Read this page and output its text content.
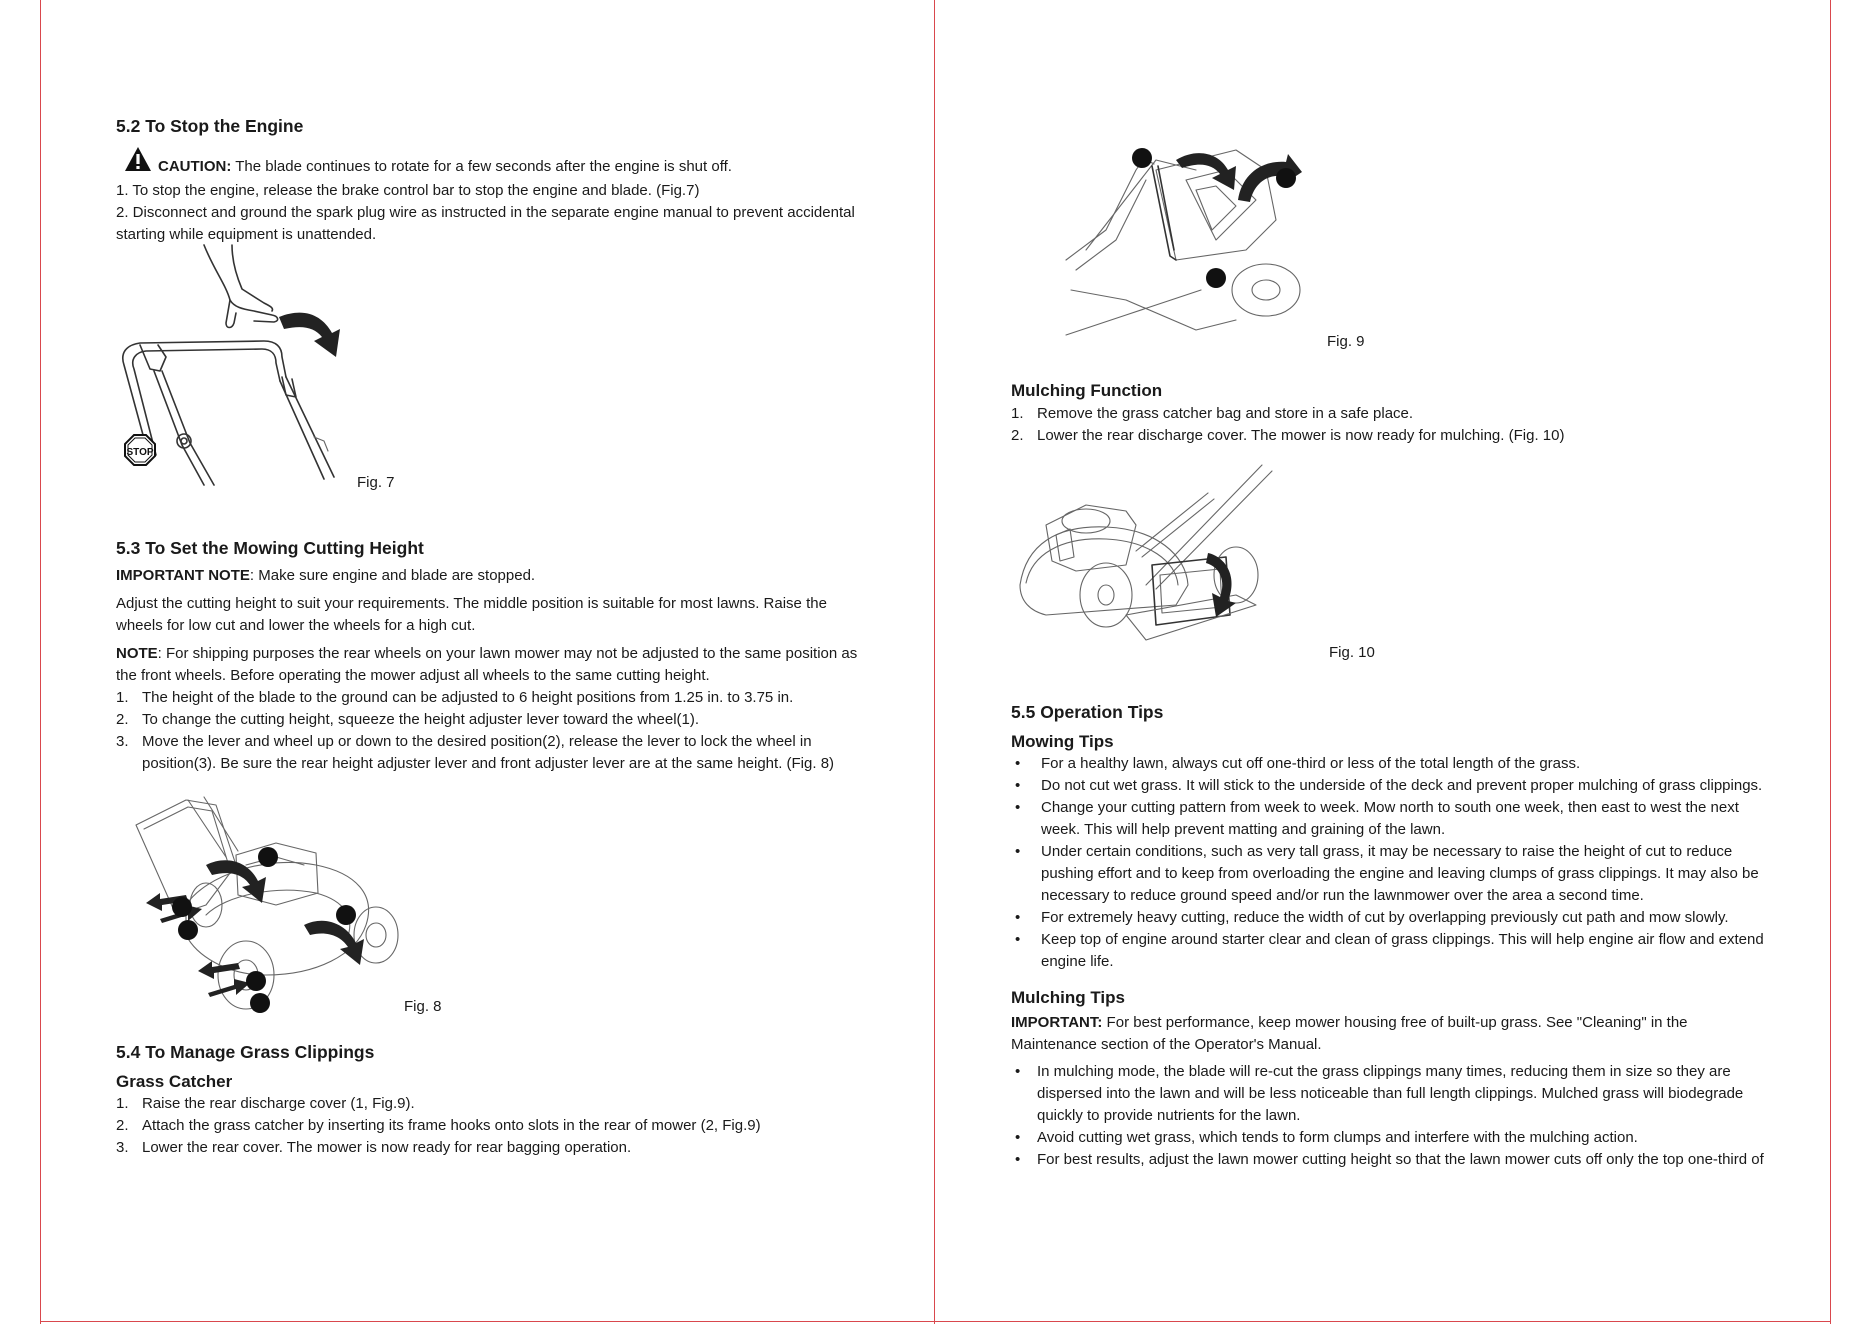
5.2 To Stop the Engine
CAUTION: The blade continues to rotate for a few seconds after the engine is shut off.
1. To stop the engine, release the brake control bar to stop the engine and blade. (Fig.7)
2. Disconnect and ground the spark plug wire as instructed in the separate engine manual to prevent accidental
starting while equipment is unattended.
STOP
Fig. 7
5.3 To Set the Mowing Cutting Height
IMPORTANT NOTE: Make sure engine and blade are stopped.
Adjust the cutting height to suit your requirements. The middle position is suitable for most lawns. Raise the
wheels for low cut and lower the wheels for a high cut.
NOTE: For shipping purposes the rear wheels on your lawn mower may not be adjusted to the same position as
the front wheels. Before operating the mower adjust all wheels to the same cutting height.
1. The height of the blade to the ground can be adjusted to 6 height positions from 1.25 in. to 3.75 in.
2. To change the cutting height, squeeze the height adjuster lever toward the wheel(1).
3. Move the lever and wheel up or down to the desired position(2), release the lever to lock the wheel in
position(3). Be sure the rear height adjuster lever and front adjuster lever are at the same height. (Fig. 8)
Fig. 8
5.4 To Manage Grass Clippings
Grass Catcher
1. Raise the rear discharge cover (1, Fig.9).
2. Attach the grass catcher by inserting its frame hooks onto slots in the rear of mower (2, Fig.9)
3. Lower the rear cover. The mower is now ready for rear bagging operation.
Fig. 9
Mulching Function
1. Remove the grass catcher bag and store in a safe place.
2. Lower the rear discharge cover. The mower is now ready for mulching. (Fig. 10)
Fig. 10
5.5 Operation Tips
Mowing Tips
• For a healthy lawn, always cut off one-third or less of the total length of the grass.
• Do not cut wet grass. It will stick to the underside of the deck and prevent proper mulching of grass clippings.
• Change your cutting pattern from week to week. Mow north to south one week, then east to west the next
week. This will help prevent matting and graining of the lawn.
• Under certain conditions, such as very tall grass, it may be necessary to raise the height of cut to reduce
pushing effort and to keep from overloading the engine and leaving clumps of grass clippings. It may also be
necessary to reduce ground speed and/or run the lawnmower over the area a second time.
• For extremely heavy cutting, reduce the width of cut by overlapping previously cut path and mow slowly.
• Keep top of engine around starter clear and clean of grass clippings. This will help engine air flow and extend
engine life.
Mulching Tips
IMPORTANT: For best performance, keep mower housing free of built-up grass. See "Cleaning" in the
Maintenance section of the Operator's Manual.
• In mulching mode, the blade will re-cut the grass clippings many times, reducing them in size so they are
dispersed into the lawn and will be less noticeable than full length clippings. Mulched grass will biodegrade
quickly to provide nutrients for the lawn.
• Avoid cutting wet grass, which tends to form clumps and interfere with the mulching action.
• For best results, adjust the lawn mower cutting height so that the lawn mower cuts off only the top one-third of
